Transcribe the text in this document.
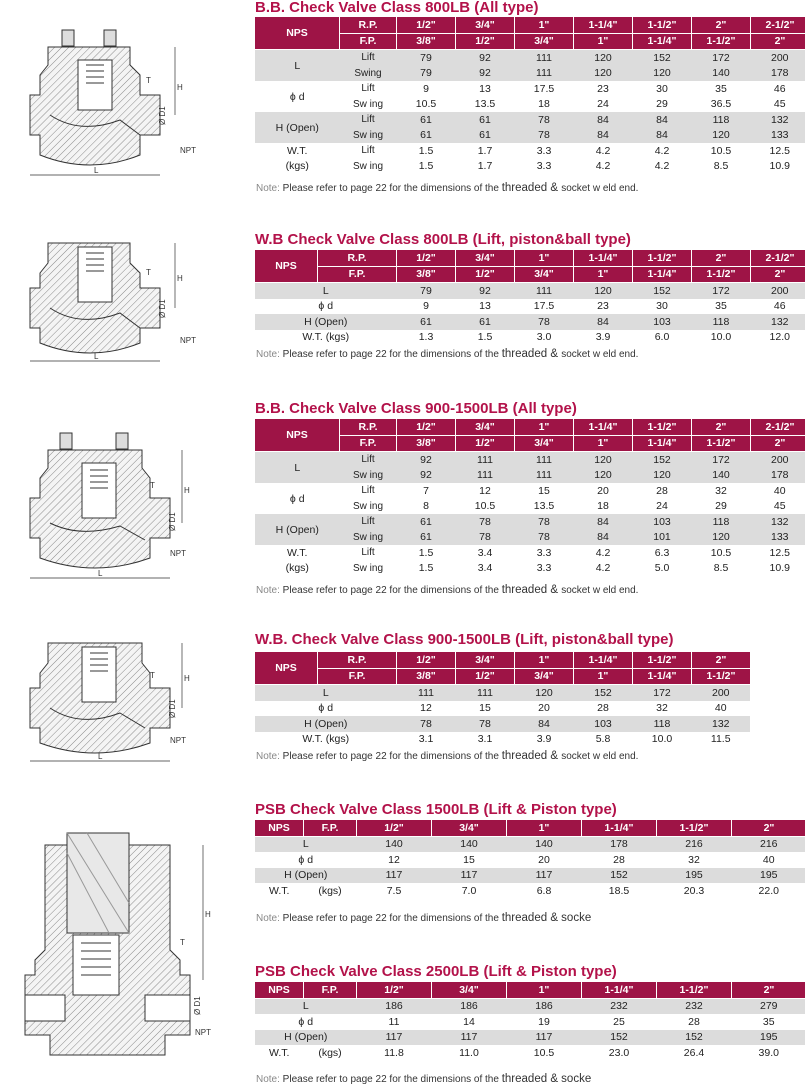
H
T
Ø D1
NPT
L
B.B. Check Valve Class 800LB (All type)
NPS	R.P.	1/2"	3/4"	1"	1-1/4"	1-1/2"	2"	2-1/2"
	F.P.	3/8"	1/2"	3/4"	1"	1-1/4"	1-1/2"	2"
L	Lift	79	92	111	120	152	172	200
	Swing	79	92	111	120	120	140	178
ϕ d	Lift	9	13	17.5	23	30	35	46
	Sw ing	10.5	13.5	18	24	29	36.5	45
H (Open)	Lift	61	61	78	84	84	118	132
	Sw ing	61	61	78	84	84	120	133
W.T.	Lift	1.5	1.7	3.3	4.2	4.2	10.5	12.5
(kgs)	Sw ing	1.5	1.7	3.3	4.2	4.2	8.5	10.9
Note: Please refer to page 22 for the dimensions of the threaded & socket w eld end.
H
T
Ø D1
NPT
L
W.B Check Valve Class 800LB (Lift, piston&ball type)
NPS	R.P.	1/2"	3/4"	1"	1-1/4"	1-1/2"	2"	2-1/2"
	F.P.	3/8"	1/2"	3/4"	1"	1-1/4"	1-1/2"	2"
L		79	92	111	120	152	172	200
ϕ d		9	13	17.5	23	30	35	46
H (Open)		61	61	78	84	103	118	132
W.T. (kgs)		1.3	1.5	3.0	3.9	6.0	10.0	12.0
Note: Please refer to page 22 for the dimensions of the threaded & socket w eld end.
H
T
Ø D1
NPT
L
B.B. Check Valve Class 900-1500LB (All type)
NPS	R.P.	1/2"	3/4"	1"	1-1/4"	1-1/2"	2"	2-1/2"
	F.P.	3/8"	1/2"	3/4"	1"	1-1/4"	1-1/2"	2"
L	Lift	92	111	111	120	152	172	200
	Sw ing	92	111	111	120	120	140	178
ϕ d	Lift	7	12	15	20	28	32	40
	Sw ing	8	10.5	13.5	18	24	29	45
H (Open)	Lift	61	78	78	84	103	118	132
	Sw ing	61	78	78	84	101	120	133
W.T.	Lift	1.5	3.4	3.3	4.2	6.3	10.5	12.5
(kgs)	Sw ing	1.5	3.4	3.3	4.2	5.0	8.5	10.9
Note: Please refer to page 22 for the dimensions of the threaded & socket w eld end.
H
T
Ø D1
NPT
L
W.B. Check Valve Class 900-1500LB (Lift, piston&ball type)
NPS	R.P.	1/2"	3/4"	1"	1-1/4"	1-1/2"	2"
	F.P.	3/8"	1/2"	3/4"	1"	1-1/4"	1-1/2"
L		111	111	120	152	172	200
ϕ d		12	15	20	28	32	40
H (Open)		78	78	84	103	118	132
W.T. (kgs)		3.1	3.1	3.9	5.8	10.0	11.5
Note: Please refer to page 22 for the dimensions of the threaded & socket w eld end.
H
T
Ø D1
NPT
PSB Check Valve Class 1500LB (Lift & Piston type)
NPS	F.P.	1/2"	3/4"	1"	1-1/4"	1-1/2"	2"
L		140	140	140	178	216	216
ϕ d		12	15	20	28	32	40
H (Open)		117	117	117	152	195	195
W.T.	(kgs)	7.5	7.0	6.8	18.5	20.3	22.0
Note: Please refer to page 22 for the dimensions of the threaded & socke
PSB Check Valve Class 2500LB (Lift & Piston type)
NPS	F.P.	1/2"	3/4"	1"	1-1/4"	1-1/2"	2"
L		186	186	186	232	232	279
ϕ d		11	14	19	25	28	35
H (Open)		117	117	117	152	152	195
W.T.	(kgs)	11.8	11.0	10.5	23.0	26.4	39.0
Note: Please refer to page 22 for the dimensions of the threaded & socke
